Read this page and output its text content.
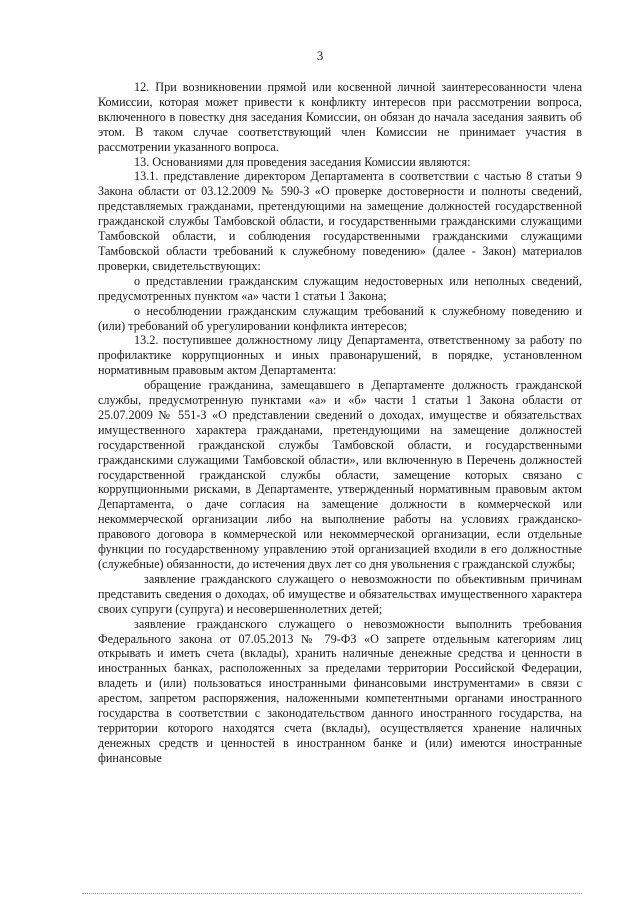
3

12. При возникновении прямой или косвенной личной заинтересованности члена Комиссии, которая может привести к конфликту интересов при рассмотрении вопроса, включенного в повестку дня заседания Комиссии, он обязан до начала заседания заявить об этом. В таком случае соответствующий член Комиссии не принимает участия в рассмотрении указанного вопроса.

13. Основаниями для проведения заседания Комиссии являются:

13.1. представление директором Департамента в соответствии с частью 8 статьи 9 Закона области от 03.12.2009 № 590-З «О проверке достоверности и полноты сведений, представляемых гражданами, претендующими на замещение должностей государственной гражданской службы Тамбовской области, и государственными гражданскими служащими Тамбовской области, и соблюдения государственными гражданскими служащими Тамбовской области требований к служебному поведению» (далее - Закон) материалов проверки, свидетельствующих:

о представлении гражданским служащим недостоверных или неполных сведений, предусмотренных пунктом «а» части 1 статьи 1 Закона;

о несоблюдении гражданским служащим требований к служебному поведению и (или) требований об урегулировании конфликта интересов;

13.2. поступившее должностному лицу Департамента, ответственному за работу по профилактике коррупционных и иных правонарушений, в порядке, установленном нормативным правовым актом Департамента:

обращение гражданина, замещавшего в Департаменте должность гражданской службы, предусмотренную пунктами «а» и «б» части 1 статьи 1 Закона области от 25.07.2009 № 551-З «О представлении сведений о доходах, имуществе и обязательствах имущественного характера гражданами, претендующими на замещение должностей государственной гражданской службы Тамбовской области, и государственными гражданскими служащими Тамбовской области», или включенную в Перечень должностей государственной гражданской службы области, замещение которых связано с коррупционными рисками, в Департаменте, утвержденный нормативным правовым актом Департамента, о даче согласия на замещение должности в коммерческой или некоммерческой организации либо на выполнение работы на условиях гражданско-правового договора в коммерческой или некоммерческой организации, если отдельные функции по государственному управлению этой организацией входили в его должностные (служебные) обязанности, до истечения двух лет со дня увольнения с гражданской службы;

заявление гражданского служащего о невозможности по объективным причинам представить сведения о доходах, об имуществе и обязательствах имущественного характера своих супруги (супруга) и несовершеннолетних детей;

заявление гражданского служащего о невозможности выполнить требования Федерального закона от 07.05.2013 № 79-ФЗ «О запрете отдельным категориям лиц открывать и иметь счета (вклады), хранить наличные денежные средства и ценности в иностранных банках, расположенных за пределами территории Российской Федерации, владеть и (или) пользоваться иностранными финансовыми инструментами» в связи с арестом, запретом распоряжения, наложенными компетентными органами иностранного государства в соответствии с законодательством данного иностранного государства, на территории которого находятся счета (вклады), осуществляется хранение наличных денежных средств и ценностей в иностранном банке и (или) имеются иностранные финансовые
